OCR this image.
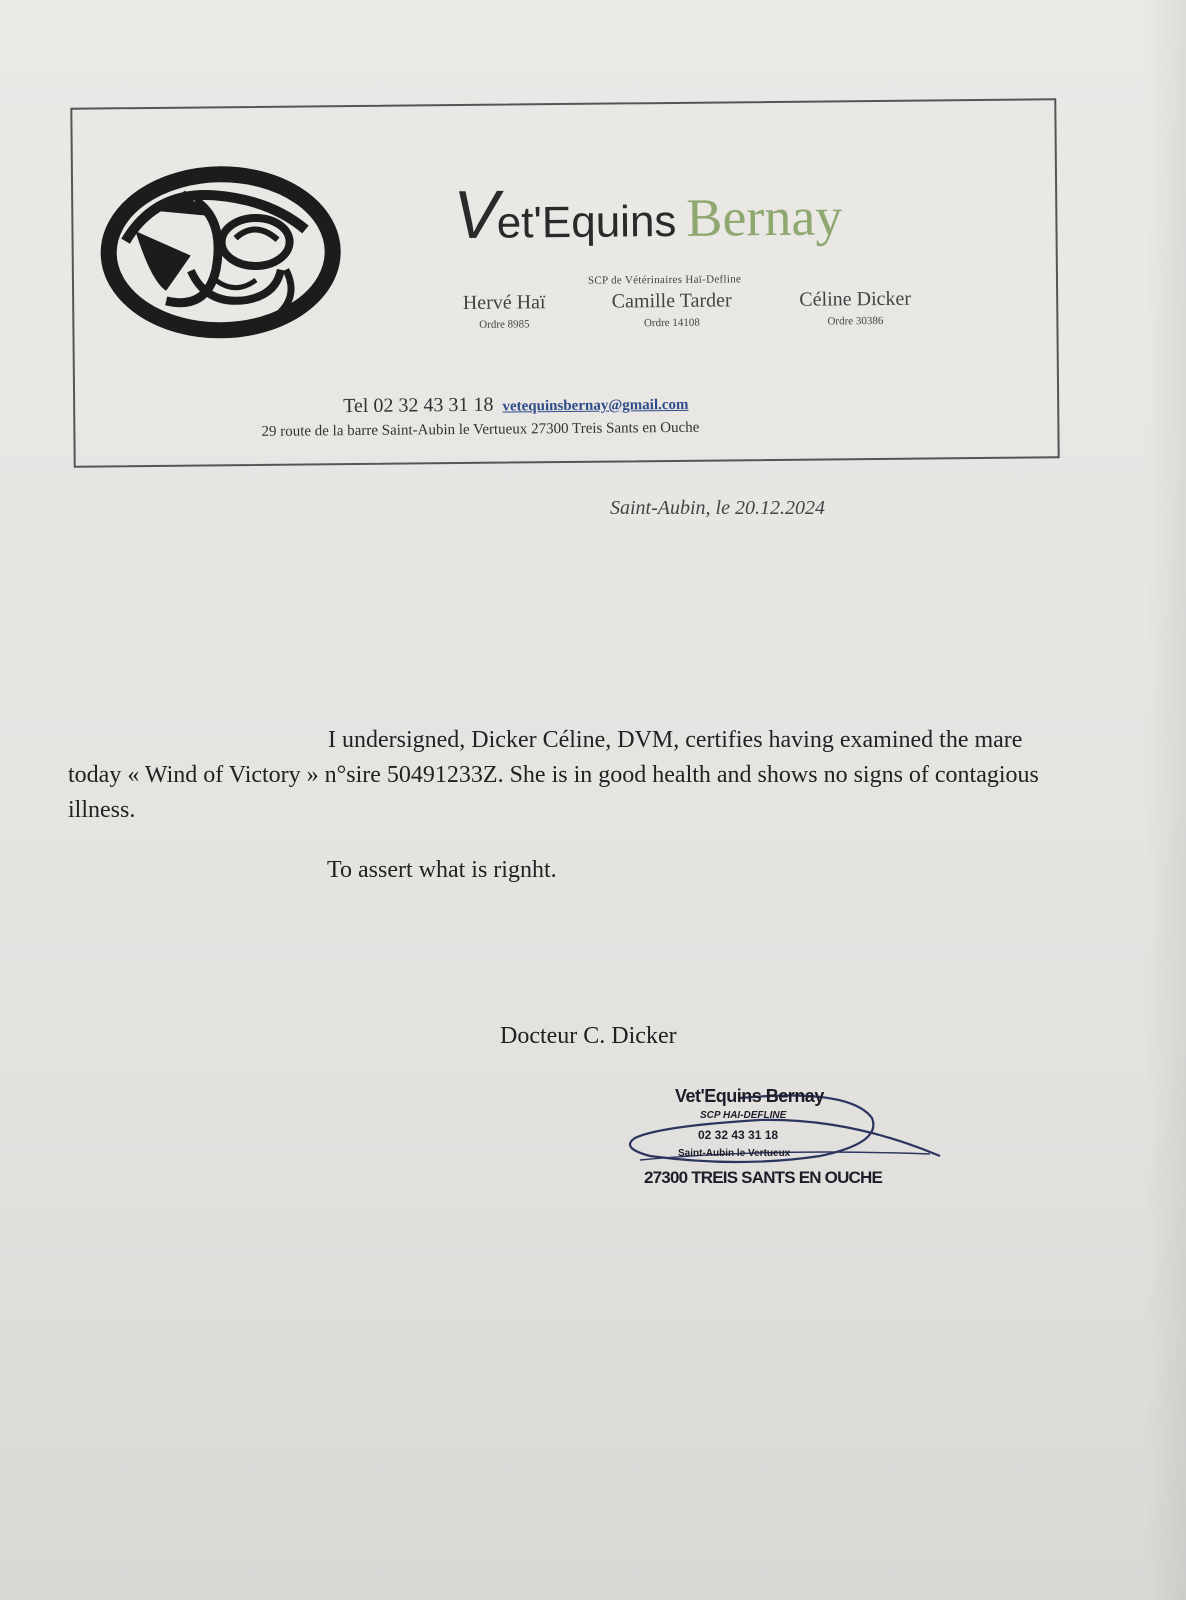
Vet'Equins Bernay
SCP de Vétérinaires Haï-Defline
Hervé Haï
Ordre 8985
Camille Tarder
Ordre 14108
Céline Dicker
Ordre 30386
Tel 02 32 43 31 18 vetequinsbernay@gmail.com
29 route de la barre Saint-Aubin le Vertueux 27300 Treis Sants en Ouche
Saint-Aubin, le 20.12.2024

I undersigned, Dicker Céline, DVM, certifies having examined the mare today « Wind of Victory » n°sire 50491233Z. She is in good health and shows no signs of contagious illness.

To assert what is rignht.
Docteur C. Dicker
Vet'Equins Bernay
SCP HAI-DEFLINE
02 32 43 31 18
Saint-Aubin le Vertueux
27300 TREIS SANTS EN OUCHE
